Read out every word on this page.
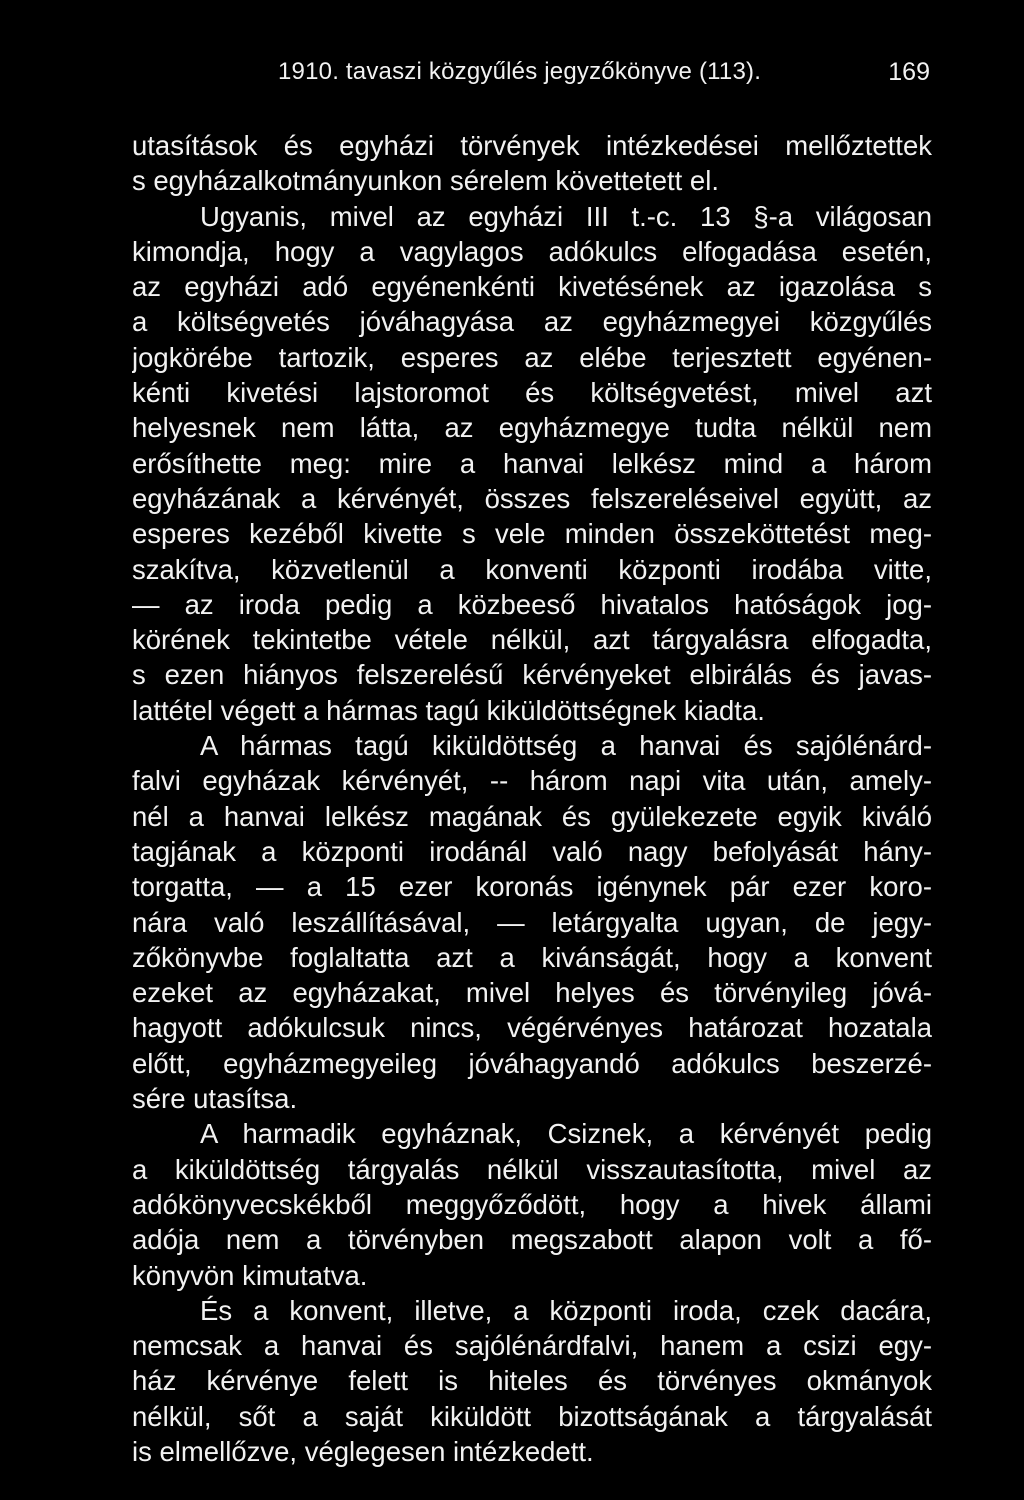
1910. tavaszi közgyűlés jegyzőkönyve (113).	169
utasítások és egyházi törvények intézkedései mellőztettek
s egyházalkotmányunkon sérelem követtetett el.
Ugyanis, mivel az egyházi III t.-c. 13 §-a világosan
kimondja, hogy a vagylagos adókulcs elfogadása esetén,
az egyházi adó egyénenkénti kivetésének az igazolása s
a költségvetés jóváhagyása az egyházmegyei közgyűlés
jogkörébe tartozik, esperes az elébe terjesztett egyénen-
kénti kivetési lajstoromot és költségvetést, mivel azt
helyesnek nem látta, az egyházmegye tudta nélkül nem
erősíthette meg: mire a hanvai lelkész mind a három
egyházának a kérvényét, összes felszereléseivel együtt, az
esperes kezéből kivette s vele minden összeköttetést meg-
szakítva, közvetlenül a konventi központi irodába vitte,
— az iroda pedig a közbeeső hivatalos hatóságok jog-
körének tekintetbe vétele nélkül, azt tárgyalásra elfogadta,
s ezen hiányos felszerelésű kérvényeket elbirálás és javas-
lattétel végett a hármas tagú kiküldöttségnek kiadta.
A hármas tagú kiküldöttség a hanvai és sajólénárd-
falvi egyházak kérvényét, -- három napi vita után, amely-
nél a hanvai lelkész magának és gyülekezete egyik kiváló
tagjának a központi irodánál való nagy befolyását hány-
torgatta, — a 15 ezer koronás igénynek pár ezer koro-
nára való leszállításával, — letárgyalta ugyan, de jegy-
zőkönyvbe foglaltatta azt a kivánságát, hogy a konvent
ezeket az egyházakat, mivel helyes és törvényileg jóvá-
hagyott adókulcsuk nincs, végérvényes határozat hozatala
előtt, egyházmegyeileg jóváhagyandó adókulcs beszerzé-
sére utasítsa.
A harmadik egyháznak, Csiznek, a kérvényét pedig
a kiküldöttség tárgyalás nélkül visszautasította, mivel az
adókönyvecskékből meggyőződött, hogy a hivek állami
adója nem a törvényben megszabott alapon volt a fő-
könyvön kimutatva.
És a konvent, illetve, a központi iroda, czek dacára,
nemcsak a hanvai és sajólénárdfalvi, hanem a csizi egy-
ház kérvénye felett is hiteles és törvényes okmányok
nélkül, sőt a saját kiküldött bizottságának a tárgyalását
is elmellőzve, véglegesen intézkedett.
